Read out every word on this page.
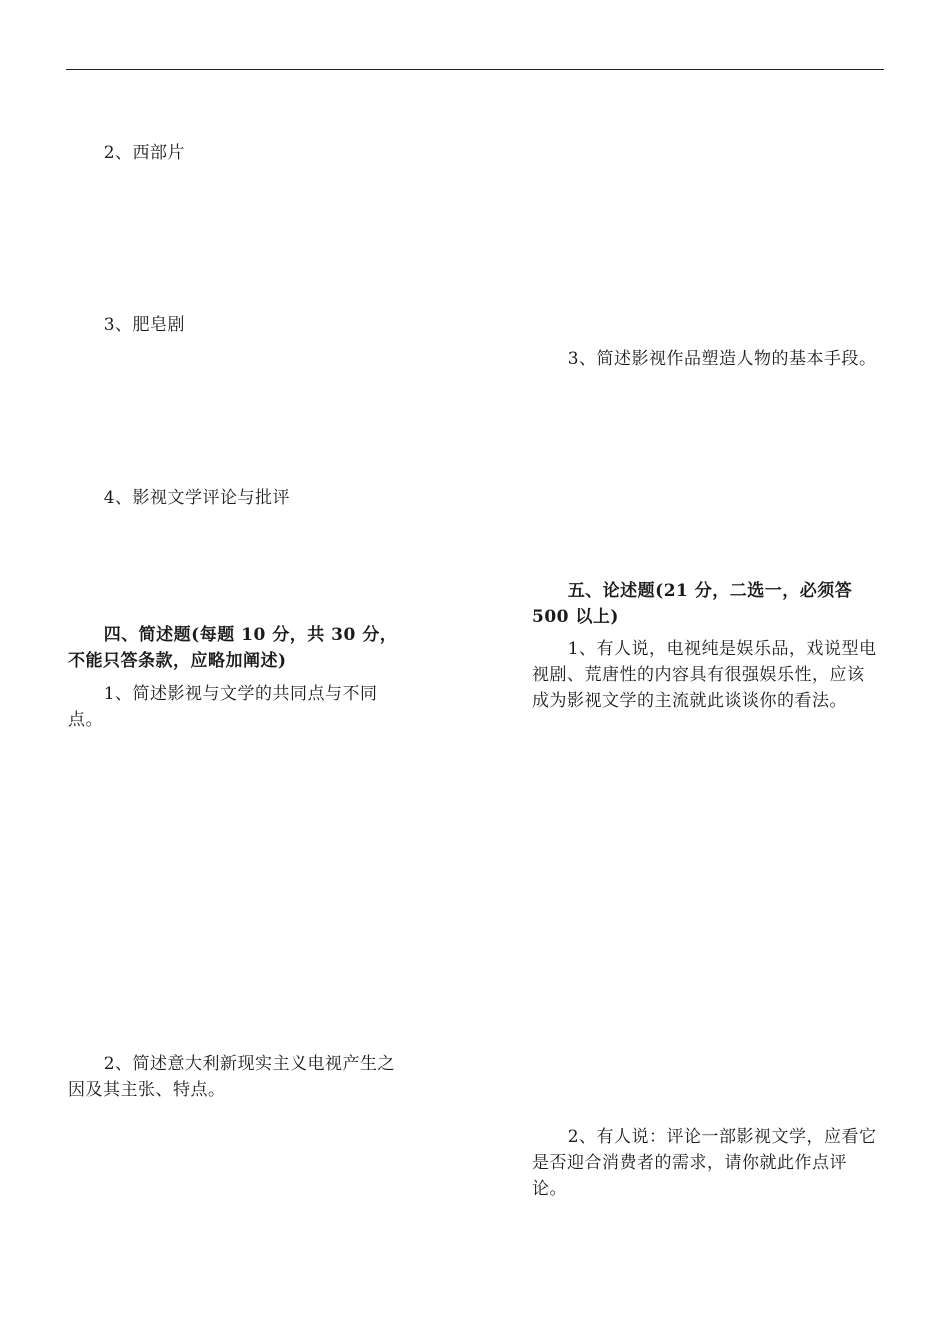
2、西部片
3、肥皂剧
4、影视文学评论与批评
四、简述题(每题 10 分，共 30 分，不能只答条款，应略加阐述)
1、简述影视与文学的共同点与不同点。
2、简述意大利新现实主义电视产生之因及其主张、特点。
3、简述影视作品塑造人物的基本手段。
五、论述题(21 分，二选一，必须答 500 以上)
1、有人说，电视纯是娱乐品，戏说型电视剧、荒唐性的内容具有很强娱乐性，应该成为影视文学的主流就此谈谈你的看法。
2、有人说：评论一部影视文学，应看它是否迎合消费者的需求，请你就此作点评论。
